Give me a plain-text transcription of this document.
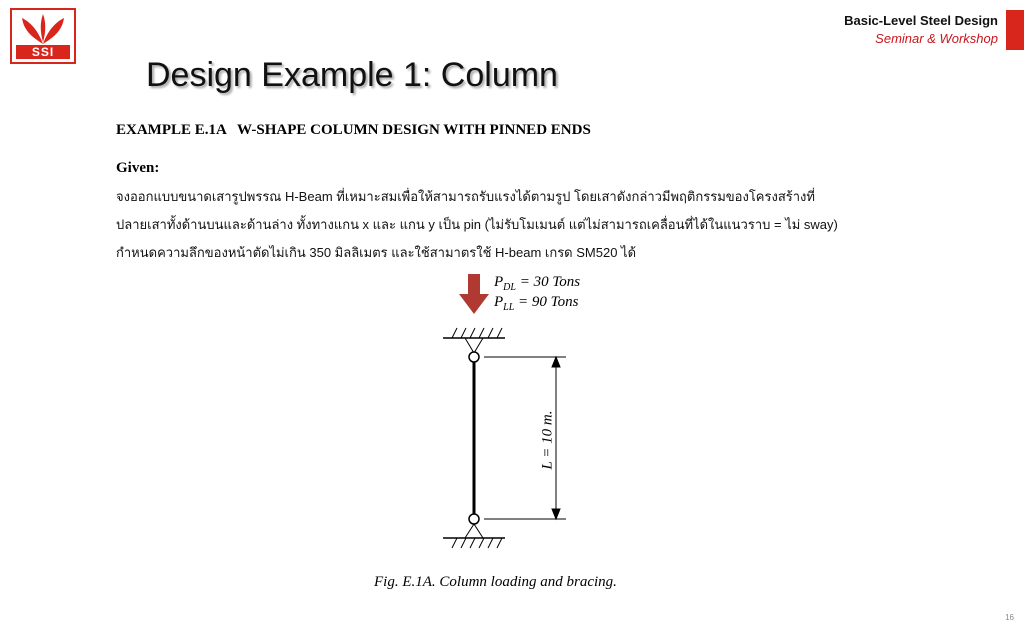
SSI
Basic-Level Steel Design
Seminar & Workshop
Design Example 1: Column
EXAMPLE E.1A   W-SHAPE COLUMN DESIGN WITH PINNED ENDS
Given:
จงออกแบบขนาดเสารูปพรรณ H-Beam ที่เหมาะสมเพื่อให้สามารถรับแรงได้ตามรูป โดยเสาดังกล่าวมีพฤติกรรมของโครงสร้างที่
ปลายเสาทั้งด้านบนและด้านล่าง ทั้งทางแกน x และ แกน y เป็น pin (ไม่รับโมเมนต์ แต่ไม่สามารถเคลื่อนที่ได้ในแนวราบ = ไม่ sway)
กำหนดความลึกของหน้าตัดไม่เกิน 350 มิลลิเมตร และใช้สามาตรใช้ H-beam เกรด SM520 ได้
$P_{DL} = 30$ Tons
$P_{LL} = 90$ Tons
L = 10 m.
Fig. E.1A. Column loading and bracing.
16
